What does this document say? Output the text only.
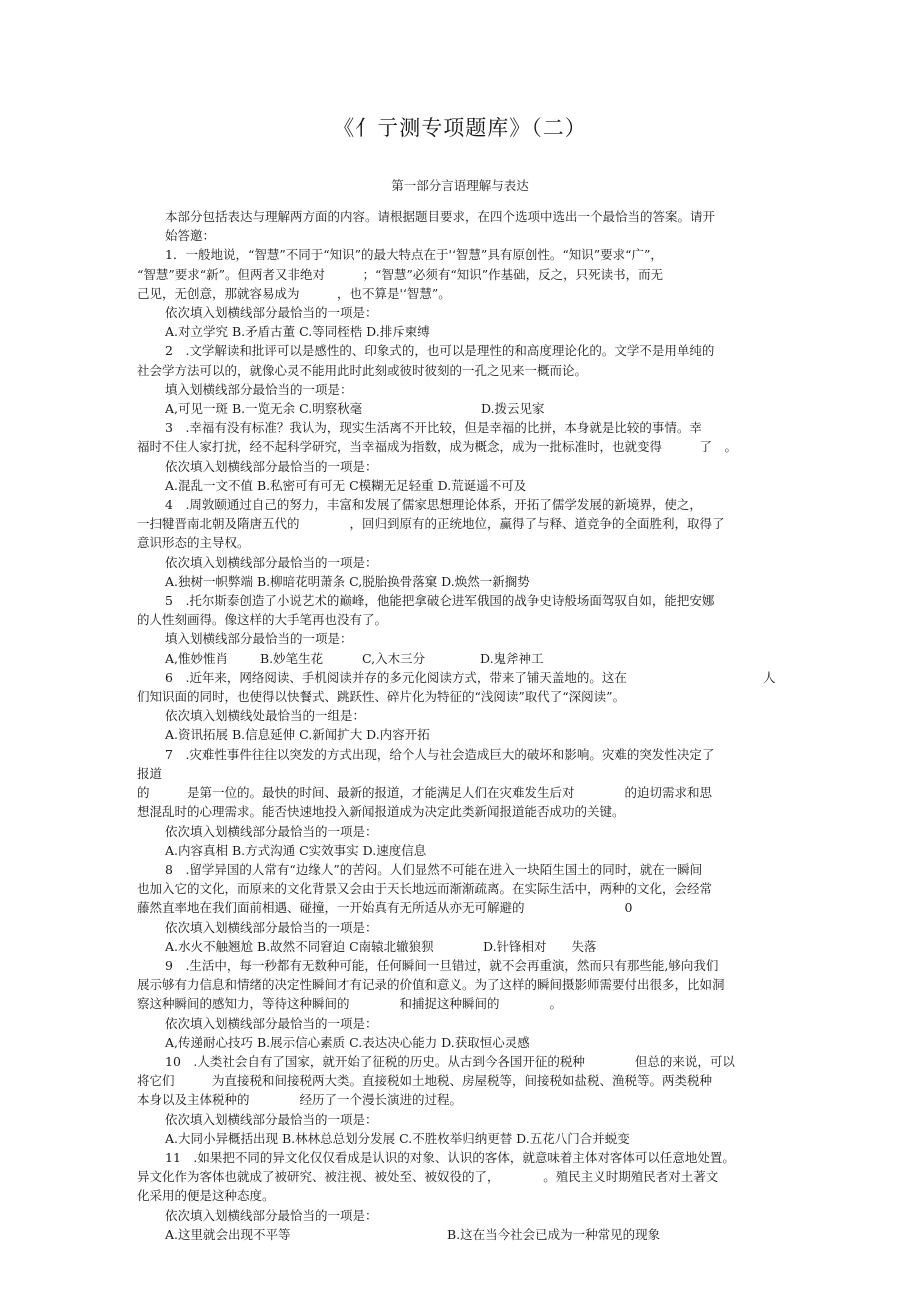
《亻亍测专项题库》（二）
第一部分言语理解与表达

本部分包括表达与理解两方面的内容。请根据题目要求，在四个选项中选出一个最恰当的答案。请开

始答邀：

1．一般地说，“智慧”不同于“知识”的最大特点在于'‘智慧”具有原创性。“知识”要求“广”，

“智慧”要求“新”。但两者又非绝对　　　；“智慧”必须有“知识”作基础，反之，只死读书，而无

己见，无创意，那就容易成为　　　，也不算是'‘智慧”。

依次填入划横线部分最恰当的一项是：

A.对立学究 B.矛盾古董 C.等同桎梏 D.排斥柬缚

2　.文学解读和批评可以是感性的、印象式的，也可以是理性的和高度理论化的。文学不是用单纯的

社会学方法可以的，就像心灵不能用此时此刻或彼时彼刻的一孔之见来一概而论。

填入划横线部分最恰当的一项是：

A,可见一斑 B.一览无余 C.明察秋毫	D.拨云见家

3　.幸福有没有标准？我认为，现实生活离不开比较，但是幸福的比拼，本身就是比较的事情。幸

福时不住人家打扰，经不起科学研究，当幸福成为指数，成为概念，成为一批标准时，也就变得　　　了　。

依次填入划横线部分最恰当的一项是：

A.混乱一文不值 B.私密可有可无 C模糊无足轻重 D.荒诞遥不可及

4　.周敦颐通过自己的努力，丰富和发展了儒家思想理论体系，开拓了儒学发展的新境界，使之，

一扫犍晋南北朝及隋唐五代的　　　　，回归到原有的正统地位，赢得了与释、道竞争的全面胜利，取得了

意识形态的主导权。

依次填入划横线部分最恰当的一项是：

A.独树一帜弊端 B.柳暗花明萧条 C,脱胎换骨落窠 D.焕然一新搁势

5　.托尔斯泰创造了小说艺术的巅峰，他能把拿破仑进军俄国的战争史诗般场面驾驭自如，能把安娜

的人性刻画得。像这样的大手笔再也没有了。

填入划横线部分最恰当的一项是：

A,惟妙惟肖	B.妙笔生花	C,入木三分	D.鬼斧神工

6　.近年来，网络阅读、手机阅读并存的多元化阅读方式，带来了铺天盖地的。这在	人

们知识面的同时，也使得以快餐式、跳跃性、碎片化为特征的“浅阅读”取代了“深阅读”。

依次填入划横线处最恰当的一组是：

A.资讯拓展 B.信息延伸 C.新闻扩大 D.内容开拓

7　.灾难性事件往往以突发的方式出现，给个人与社会造成巨大的破坏和影响。灾难的突发性决定了

报道

的　　　是第一位的。最快的时间、最新的报道，才能满足人们在灾难发生后对　　　　的迫切需求和思

想混乱时的心理需求。能否快速地投入新闻报道成为决定此类新闻报道能否成功的关键。

依次填入划横线部分最恰当的一项是：

A.内容真相 B.方式沟通 C实效事实 D.速度信息

8　.留学异国的人常有“边缘人”的苦闷。人们显然不可能在进入一块陌生国土的同时，就在一瞬间

也加入它的文化，而原来的文化背景又会由于天长地远而渐渐疏离。在实际生活中，两种的文化，会经常

藤然直率地在我们面前相遇、碰撞，一开始真有无所适从亦无可解避的　　　　　　　　0

依次填入划横线部分最恰当的一项是：

A.水火不触翘尬 B.故然不同窘迫 C南辕北辙狼狈	D.针锋相对　　失落

9　.生活中，每一秒都有无数种可能，任何瞬间一旦错过，就不会再重演，然而只有那些能,够向我们

展示够有力信息和情绪的决定性瞬间才有记录的价值和意义。为了这样的瞬间摄影师需要付出很多，比如洞

察这种瞬间的感知力，等待这种瞬间的　　　　和捕捉这种瞬间的　　　　。

依次填入划横线部分最恰当的一项是：

A,传递耐心技巧 B.展示信心素质 C.表达决心能力 D.获取恒心灵感

10　.人类社会自有了国家，就开始了征税的历史。从古到今各国开征的税种　　　　但总的来说，可以

将它们　　　为直接税和间接税两大类。直接税如土地税、房屋税等，间接税如盐税、渔税等。两类税种

本身以及主体税种的　　　　经历了一个漫长演进的过程。

依次填入划横线部分最恰当的一项是：

A.大同小异概括出现 B.林林总总划分发展 C.不胜枚举归纳更替 D.五花八门合并蜕变

11　.如果把不同的异文化仅仅看成是认识的对象、认识的客体，就意味着主体对客体可以任意地处置。

异文化作为客体也就成了被研究、被注视、被处至、被奴役的了，　　　　。殖民主义时期殖民者对土著文

化采用的便是这种态度。

依次填入划横线部分最恰当的一项是：

A.这里就会出现不平等	B.这在当今社会已成为一种常见的现象
